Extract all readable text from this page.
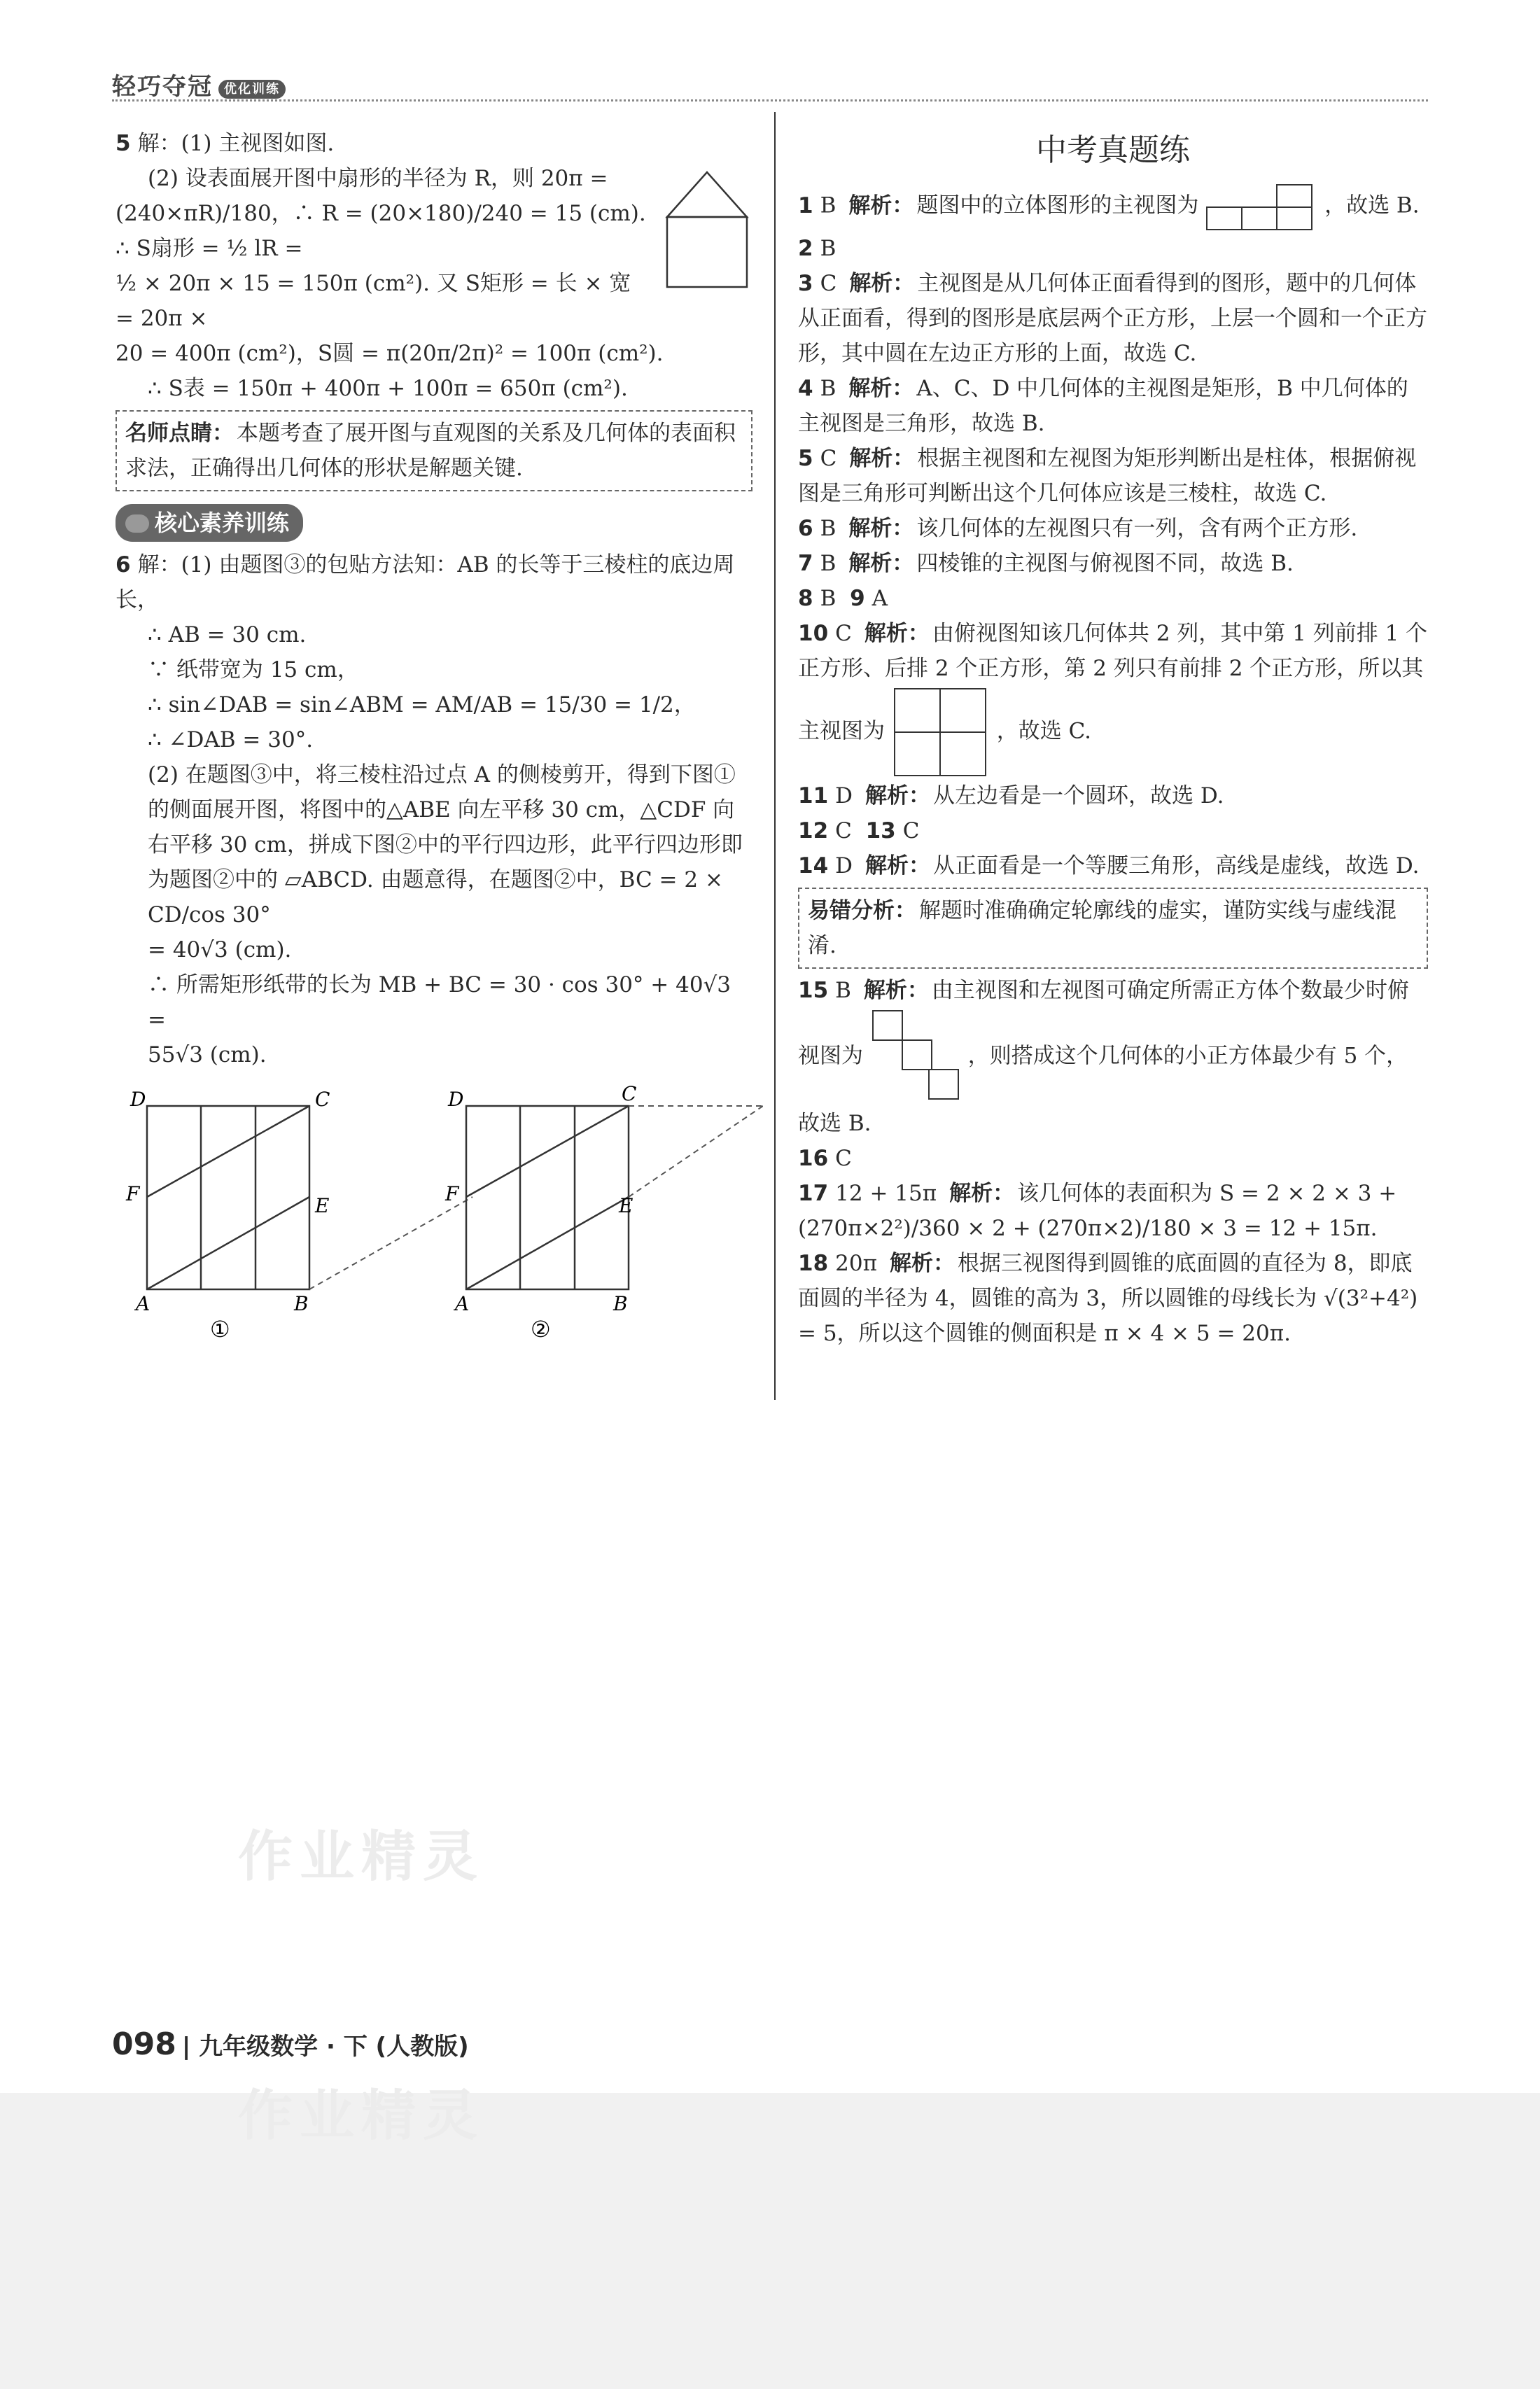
轻巧夺冠 优化训练

5 解：(1) 主视图如图.

(2) 设表面展开图中扇形的半径为 R，则 20π =

(240×πR)/180，∴ R = (20×180)/240 = 15 (cm). ∴ S扇形 = ½ lR =

½ × 20π × 15 = 150π (cm²). 又 S矩形 = 长 × 宽 = 20π ×

20 = 400π (cm²)，S圆 = π(20π/2π)² = 100π (cm²).

∴ S表 = 150π + 400π + 100π = 650π (cm²).

名师点睛： 本题考查了展开图与直观图的关系及几何体的表面积求法，正确得出几何体的形状是解题关键.
核心素养训练

6 解：(1) 由题图③的包贴方法知：AB 的长等于三棱柱的底边周长，

∴ AB = 30 cm.

∵ 纸带宽为 15 cm，

∴ sin∠DAB = sin∠ABM = AM/AB = 15/30 = 1/2，

∴ ∠DAB = 30°.

(2) 在题图③中，将三棱柱沿过点 A 的侧棱剪开，得到下图①的侧面展开图，将图中的△ABE 向左平移 30 cm，△CDF 向右平移 30 cm，拼成下图②中的平行四边形，此平行四边形即为题图②中的 ▱ABCD. 由题意得，在题图②中，BC = 2 × CD/cos 30°

= 40√3 (cm).

∴ 所需矩形纸带的长为 MB + BC = 30 · cos 30° + 40√3 =

55√3 (cm).

D	C
F
E
A	B
①
D	C
F
E
A	B
②
中考真题练

1 B 解析： 题图中的立体图形的主视图为	，故选 B.

2 B

3 C 解析： 主视图是从几何体正面看得到的图形，题中的几何体从正面看，得到的图形是底层两个正方形，上层一个圆和一个正方形，其中圆在左边正方形的上面，故选 C.

4 B 解析： A、C、D 中几何体的主视图是矩形，B 中几何体的主视图是三角形，故选 B.

5 C 解析： 根据主视图和左视图为矩形判断出是柱体，根据俯视图是三角形可判断出这个几何体应该是三棱柱，故选 C.

6 B 解析： 该几何体的左视图只有一列，含有两个正方形.

7 B 解析： 四棱锥的主视图与俯视图不同，故选 B.

8 B 9 A

10 C 解析： 由俯视图知该几何体共 2 列，其中第 1 列前排 1 个正方形、后排 2 个正方形，第 2 列只有前排 2 个正方形，所以其主视图为	，故选 C.

11 D 解析： 从左边看是一个圆环，故选 D.

12 C 13 C

14 D 解析： 从正面看是一个等腰三角形，高线是虚线，故选 D.

易错分析： 解题时准确确定轮廓线的虚实，谨防实线与虚线混淆.

15 B 解析： 由主视图和左视图可确定所需正方体个数最少时俯视图为	，则搭成这个几何体的小正方体最少有 5 个，故选 B.

16 C

17 12 + 15π 解析： 该几何体的表面积为 S = 2 × 2 × 3 + (270π×2²)/360 × 2 + (270π×2)/180 × 3 = 12 + 15π.

18 20π 解析： 根据三视图得到圆锥的底面圆的直径为 8，即底面圆的半径为 4，圆锥的高为 3，所以圆锥的母线长为 √(3²+4²) = 5，所以这个圆锥的侧面积是 π × 4 × 5 = 20π.

作业精灵
098 | 九年级数学 · 下 (人教版)
作业精灵
